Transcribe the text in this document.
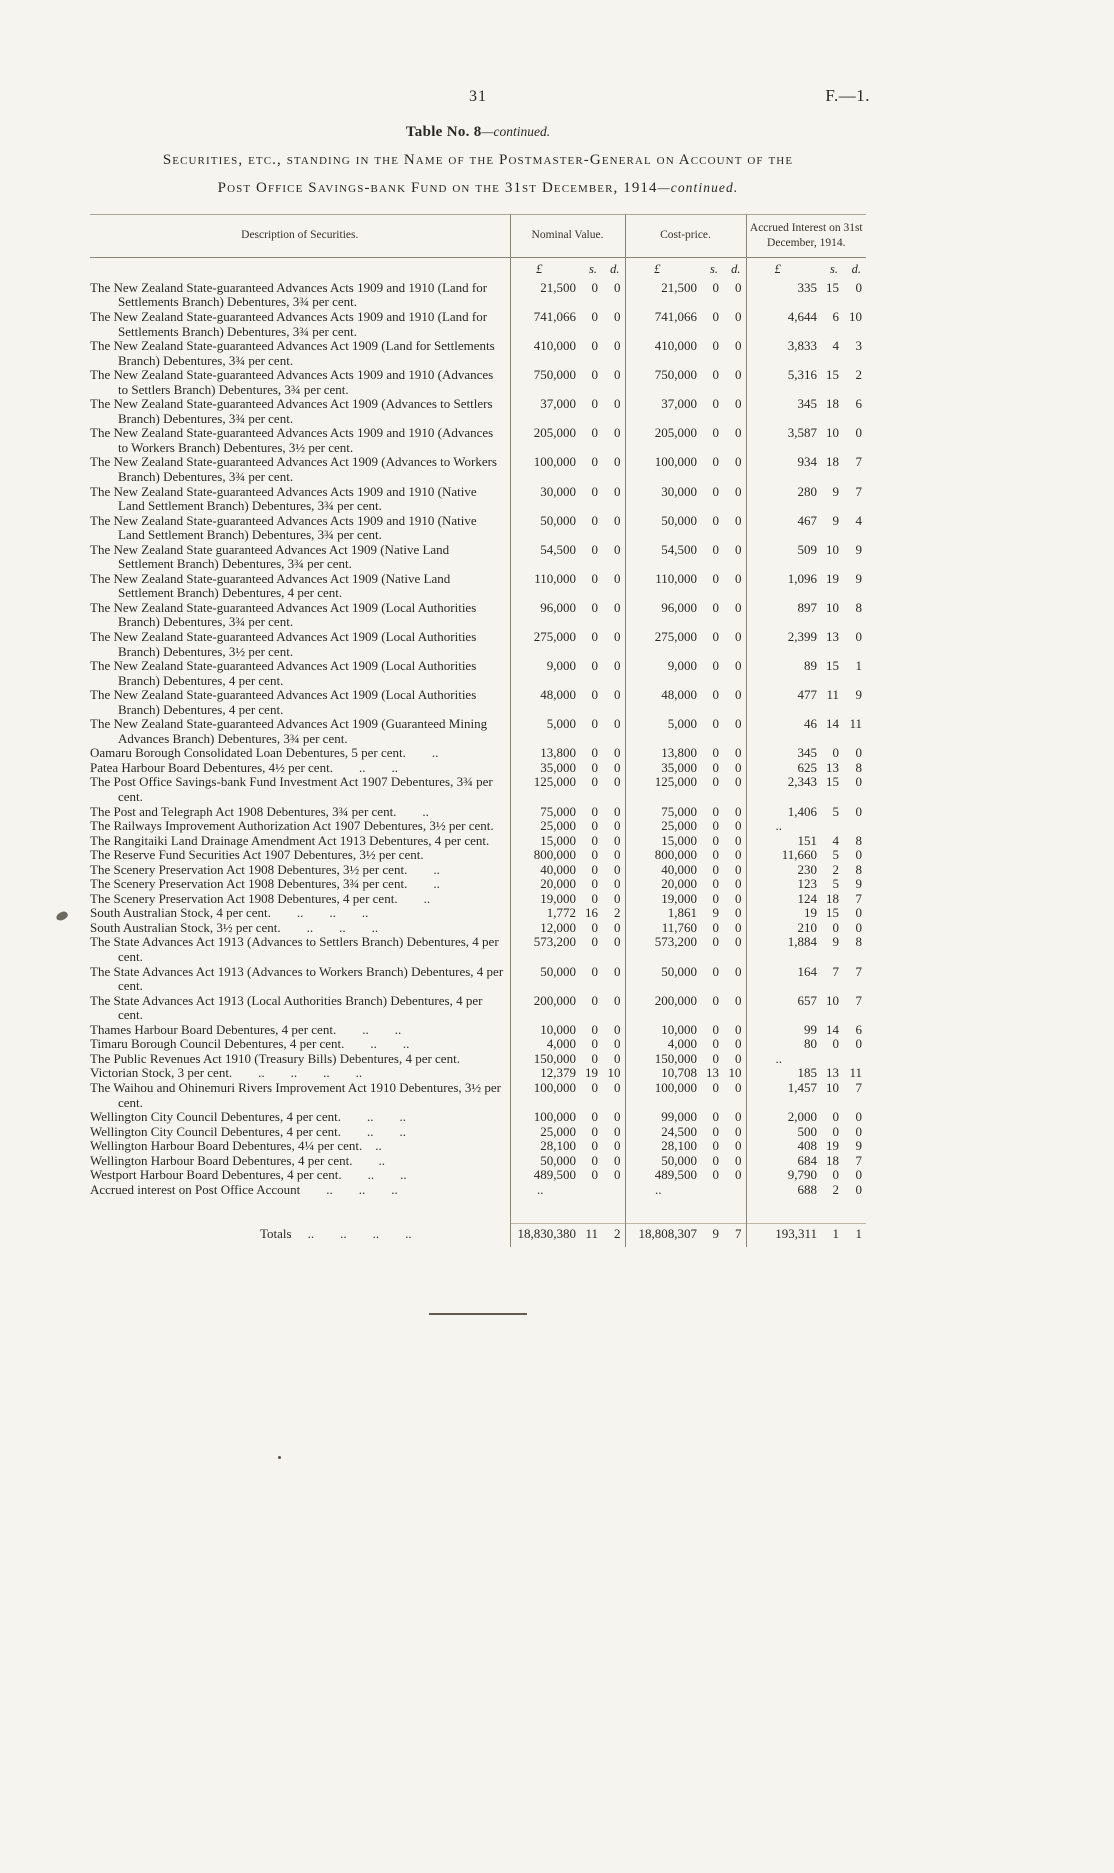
31	F.—1.
Table No. 8—continued.
Securities, etc., standing in the Name of the Postmaster-General on Account of the
Post Office Savings-bank Fund on the 31st December, 1914—continued.
Description of Securities.	Nominal Value.			Cost-price.			Accrued Interest on 31st December, 1914.		
	£	s.	d.	£	s.	d.	£	s.	d.
The New Zealand State-guaranteed Advances Acts 1909 and 1910 (Land for Settlements Branch) Debentures, 3¾ per cent.	21,500	0	0	21,500	0	0	335	15	0
The New Zealand State-guaranteed Advances Acts 1909 and 1910 (Land for Settlements Branch) Debentures, 3¾ per cent.	741,066	0	0	741,066	0	0	4,644	6	10
The New Zealand State-guaranteed Advances Act 1909 (Land for Settlements Branch) Debentures, 3¾ per cent.	410,000	0	0	410,000	0	0	3,833	4	3
The New Zealand State-guaranteed Advances Acts 1909 and 1910 (Advances to Settlers Branch) Debentures, 3¾ per cent.	750,000	0	0	750,000	0	0	5,316	15	2
The New Zealand State-guaranteed Advances Act 1909 (Advances to Settlers Branch) Debentures, 3¾ per cent.	37,000	0	0	37,000	0	0	345	18	6
The New Zealand State-guaranteed Advances Acts 1909 and 1910 (Advances to Workers Branch) Debentures, 3½ per cent.	205,000	0	0	205,000	0	0	3,587	10	0
The New Zealand State-guaranteed Advances Act 1909 (Advances to Workers Branch) Debentures, 3¾ per cent.	100,000	0	0	100,000	0	0	934	18	7
The New Zealand State-guaranteed Advances Acts 1909 and 1910 (Native Land Settlement Branch) Debentures, 3¾ per cent.	30,000	0	0	30,000	0	0	280	9	7
The New Zealand State-guaranteed Advances Acts 1909 and 1910 (Native Land Settlement Branch) Debentures, 3¾ per cent.	50,000	0	0	50,000	0	0	467	9	4
The New Zealand State guaranteed Advances Act 1909 (Native Land Settlement Branch) Debentures, 3¾ per cent.	54,500	0	0	54,500	0	0	509	10	9
The New Zealand State-guaranteed Advances Act 1909 (Native Land Settlement Branch) Debentures, 4 per cent.	110,000	0	0	110,000	0	0	1,096	19	9
The New Zealand State-guaranteed Advances Act 1909 (Local Authorities Branch) Debentures, 3¾ per cent.	96,000	0	0	96,000	0	0	897	10	8
The New Zealand State-guaranteed Advances Act 1909 (Local Authorities Branch) Debentures, 3½ per cent.	275,000	0	0	275,000	0	0	2,399	13	0
The New Zealand State-guaranteed Advances Act 1909 (Local Authorities Branch) Debentures, 4 per cent.	9,000	0	0	9,000	0	0	89	15	1
The New Zealand State-guaranteed Advances Act 1909 (Local Authorities Branch) Debentures, 4 per cent.	48,000	0	0	48,000	0	0	477	11	9
The New Zealand State-guaranteed Advances Act 1909 (Guaranteed Mining Advances Branch) Debentures, 3¾ per cent.	5,000	0	0	5,000	0	0	46	14	11
Oamaru Borough Consolidated Loan Debentures, 5 per cent.  ..	13,800	0	0	13,800	0	0	345	0	0
Patea Harbour Board Debentures, 4½ per cent.  ..  ..	35,000	0	0	35,000	0	0	625	13	8
The Post Office Savings-bank Fund Investment Act 1907 Debentures, 3¾ per cent.	125,000	0	0	125,000	0	0	2,343	15	0
The Post and Telegraph Act 1908 Debentures, 3¾ per cent.  ..	75,000	0	0	75,000	0	0	1,406	5	0
The Railways Improvement Authorization Act 1907 Debentures, 3½ per cent.	25,000	0	0	25,000	0	0	..		
The Rangitaiki Land Drainage Amendment Act 1913 Debentures, 4 per cent.	15,000	0	0	15,000	0	0	151	4	8
The Reserve Fund Securities Act 1907 Debentures, 3½ per cent.	800,000	0	0	800,000	0	0	11,660	5	0
The Scenery Preservation Act 1908 Debentures, 3½ per cent.  ..	40,000	0	0	40,000	0	0	230	2	8
The Scenery Preservation Act 1908 Debentures, 3¾ per cent.  ..	20,000	0	0	20,000	0	0	123	5	9
The Scenery Preservation Act 1908 Debentures, 4 per cent.  ..	19,000	0	0	19,000	0	0	124	18	7
South Australian Stock, 4 per cent.  ..  ..  ..	1,772	16	2	1,861	9	0	19	15	0
South Australian Stock, 3½ per cent.  ..  ..  ..	12,000	0	0	11,760	0	0	210	0	0
The State Advances Act 1913 (Advances to Settlers Branch) Debentures, 4 per cent.	573,200	0	0	573,200	0	0	1,884	9	8
The State Advances Act 1913 (Advances to Workers Branch) Debentures, 4 per cent.	50,000	0	0	50,000	0	0	164	7	7
The State Advances Act 1913 (Local Authorities Branch) Debentures, 4 per cent.	200,000	0	0	200,000	0	0	657	10	7
Thames Harbour Board Debentures, 4 per cent.  ..  ..	10,000	0	0	10,000	0	0	99	14	6
Timaru Borough Council Debentures, 4 per cent.  ..  ..	4,000	0	0	4,000	0	0	80	0	0
The Public Revenues Act 1910 (Treasury Bills) Debentures, 4 per cent.	150,000	0	0	150,000	0	0	..		
Victorian Stock, 3 per cent.  ..  ..  ..  ..	12,379	19	10	10,708	13	10	185	13	11
The Waihou and Ohinemuri Rivers Improvement Act 1910 Debentures, 3½ per cent.	100,000	0	0	100,000	0	0	1,457	10	7
Wellington City Council Debentures, 4 per cent.  ..  ..	100,000	0	0	99,000	0	0	2,000	0	0
Wellington City Council Debentures, 4 per cent.  ..  ..	25,000	0	0	24,500	0	0	500	0	0
Wellington Harbour Board Debentures, 4¼ per cent. ..	28,100	0	0	28,100	0	0	408	19	9
Wellington Harbour Board Debentures, 4 per cent.  ..	50,000	0	0	50,000	0	0	684	18	7
Westport Harbour Board Debentures, 4 per cent.  ..  ..	489,500	0	0	489,500	0	0	9,790	0	0
Accrued interest on Post Office Account  ..  ..  ..	..			..			688	2	0

Totals ..  ..  ..  ..	18,830,380	11	2	18,808,307	9	7	193,311	1	1
